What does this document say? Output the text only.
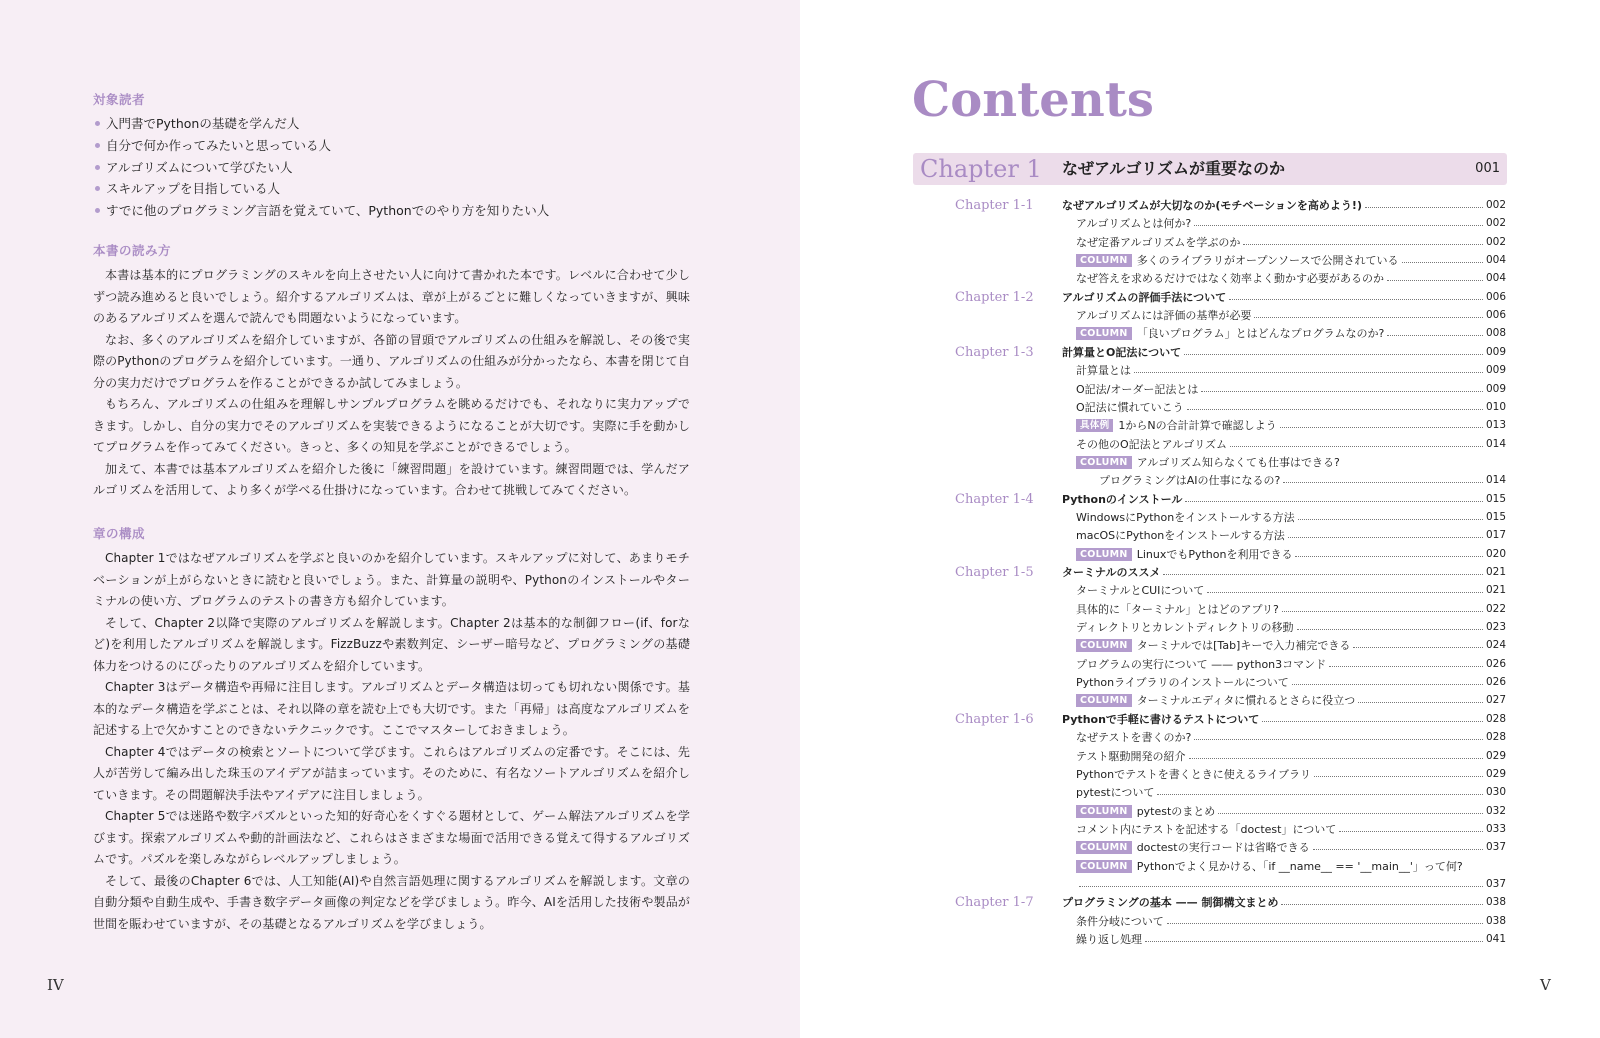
対象読者
入門書でPythonの基礎を学んだ人
自分で何か作ってみたいと思っている人
アルゴリズムについて学びたい人
スキルアップを目指している人
すでに他のプログラミング言語を覚えていて、Pythonでのやり方を知りたい人
本書の読み方

本書は基本的にプログラミングのスキルを向上させたい人に向けて書かれた本です。レベルに合わせて少しずつ読み進めると良いでしょう。紹介するアルゴリズムは、章が上がるごとに難しくなっていきますが、興味のあるアルゴリズムを選んで読んでも問題ないようになっています。

なお、多くのアルゴリズムを紹介していますが、各節の冒頭でアルゴリズムの仕組みを解説し、その後で実際のPythonのプログラムを紹介しています。一通り、アルゴリズムの仕組みが分かったなら、本書を閉じて自分の実力だけでプログラムを作ることができるか試してみましょう。

もちろん、アルゴリズムの仕組みを理解しサンプルプログラムを眺めるだけでも、それなりに実力アップできます。しかし、自分の実力でそのアルゴリズムを実装できるようになることが大切です。実際に手を動かしてプログラムを作ってみてください。きっと、多くの知見を学ぶことができるでしょう。

加えて、本書では基本アルゴリズムを紹介した後に「練習問題」を設けています。練習問題では、学んだアルゴリズムを活用して、より多くが学べる仕掛けになっています。合わせて挑戦してみてください。

章の構成

Chapter 1ではなぜアルゴリズムを学ぶと良いのかを紹介しています。スキルアップに対して、あまりモチベーションが上がらないときに読むと良いでしょう。また、計算量の説明や、Pythonのインストールやターミナルの使い方、プログラムのテストの書き方も紹介しています。

そして、Chapter 2以降で実際のアルゴリズムを解説します。Chapter 2は基本的な制御フロー(if、forなど)を利用したアルゴリズムを解説します。FizzBuzzや素数判定、シーザー暗号など、プログラミングの基礎体力をつけるのにぴったりのアルゴリズムを紹介しています。

Chapter 3はデータ構造や再帰に注目します。アルゴリズムとデータ構造は切っても切れない関係です。基本的なデータ構造を学ぶことは、それ以降の章を読む上でも大切です。また「再帰」は高度なアルゴリズムを記述する上で欠かすことのできないテクニックです。ここでマスターしておきましょう。

Chapter 4ではデータの検索とソートについて学びます。これらはアルゴリズムの定番です。そこには、先人が苦労して編み出した珠玉のアイデアが詰まっています。そのために、有名なソートアルゴリズムを紹介していきます。その問題解決手法やアイデアに注目しましょう。

Chapter 5では迷路や数字パズルといった知的好奇心をくすぐる題材として、ゲーム解法アルゴリズムを学びます。探索アルゴリズムや動的計画法など、これらはさまざまな場面で活用できる覚えて得するアルゴリズムです。パズルを楽しみながらレベルアップしましょう。

そして、最後のChapter 6では、人工知能(AI)や自然言語処理に関するアルゴリズムを解説します。文章の自動分類や自動生成や、手書き数字データ画像の判定などを学びましょう。昨今、AIを活用した技術や製品が世間を賑わせていますが、その基礎となるアルゴリズムを学びましょう。

IV
Contents
Chapter 1 なぜアルゴリズムが重要なのか	001
Chapter 1-1	なぜアルゴリズムが大切なのか(モチベーションを高めよう!)	002
アルゴリズムとは何か?	002
なぜ定番アルゴリズムを学ぶのか	002
COLUMN 多くのライブラリがオープンソースで公開されている	004
なぜ答えを求めるだけではなく効率よく動かす必要があるのか	004
Chapter 1-2	アルゴリズムの評価手法について	006
アルゴリズムには評価の基準が必要	006
COLUMN 「良いプログラム」とはどんなプログラムなのか?	008
Chapter 1-3	計算量とO記法について	009
計算量とは	009
O記法/オーダー記法とは	009
O記法に慣れていこう	010
具体例 1からNの合計計算で確認しよう	013
その他のO記法とアルゴリズム	014
COLUMN アルゴリズム知らなくても仕事はできる?
プログラミングはAIの仕事になるの?	014
Chapter 1-4	Pythonのインストール	015
WindowsにPythonをインストールする方法	015
macOSにPythonをインストールする方法	017
COLUMN LinuxでもPythonを利用できる	020
Chapter 1-5	ターミナルのススメ	021
ターミナルとCUIについて	021
具体的に「ターミナル」とはどのアプリ?	022
ディレクトリとカレントディレクトリの移動	023
COLUMN ターミナルでは[Tab]キーで入力補完できる	024
プログラムの実行について —— python3コマンド	026
Pythonライブラリのインストールについて	026
COLUMN ターミナルエディタに慣れるとさらに役立つ	027
Chapter 1-6	Pythonで手軽に書けるテストについて	028
なぜテストを書くのか?	028
テスト駆動開発の紹介	029
Pythonでテストを書くときに使えるライブラリ	029
pytestについて	030
COLUMN pytestのまとめ	032
コメント内にテストを記述する「doctest」について	033
COLUMN doctestの実行コードは省略できる	037
COLUMN Pythonでよく見かける、「if __name__ == '__main__'」って何?
037
Chapter 1-7	プログラミングの基本 —— 制御構文まとめ	038
条件分岐について	038
繰り返し処理	041
V
